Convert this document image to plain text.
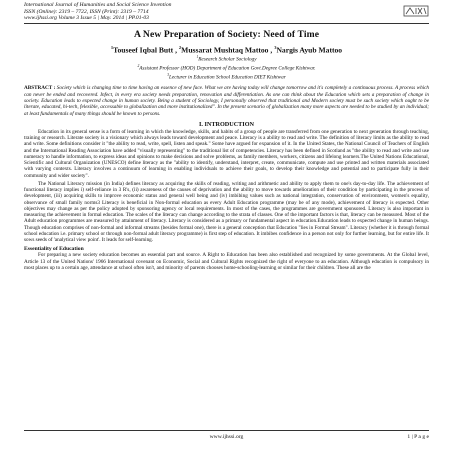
International Journal of Humanities and Social Science Invention
ISSN (Online): 2319 – 7722, ISSN (Print): 2319 – 7714
www.ijhssi.org Volume 3 Issue 5 | May. 2014 | PP.01-03
A New Preparation of Society: Need of Time
$^1$Touseef Iqbal Butt , $^2$Mussarat Mushtaq Mattoo , $^3$Nargis Ayub Mattoo
$^1$Research Scholar Sociology
$^2$Assistant Professor (HOD) Department of Education Govt.Degree College Kishtwar.
$^3$Lecturer in Education School Education DIET Kishtwar
ABSTRACT : Society which is changing time to time having an essence of new face. What we are having today will change tomorrow and it's completely a continuous process. A process which can never be ended and recovered. Infect, in every era society needs preparation, renovation and differentiation. As one can think about the Education which sets a preparation of change in society. Education leads to expected change in human society. Being a student of Sociology, I personally observed that traditional and Modern society must be such society which ought to be literate, educated, hi-tech, felexible, accessable to globalization and more institutionalized". In the present scenario of globalization many more aspects are needed to be studied by an individual; at least fundamentals of many things should be known to persons.
I. INTRODUCTION

Education in its general sense is a form of learning in which the knowledge, skills, and habits of a group of people are transferred from one generation to next generation through teaching, training or research. Literate society is a visionary which always leads toward development and peace. Literacy is a ability to read and write. The definition of literacy limits as the ability to read and write. Some definitions consider it "the ability to read, write, spell, listen and speak." Some have argued for expansion of it. In the United States, the National Council of Teachers of English and the International Reading Association have added "visually representing" to the traditional list of competencies. Literacy has been defined in Scotland as "the ability to read and write and use numeracy to handle information, to express ideas and opinions to make decisions and solve problems, as family members, workers, citizens and lifelong learners.The United Nations Educational, Scientific and Cultural Organization (UNESCO) define literacy as the "ability to identify, understand, interpret, create, communicate, compute and use printed and written materials associated with varying contexts. Literacy involves a continuum of learning in enabling individuals to achieve their goals, to develop their knowledge and potential and to participate fully in their community and wider society".

The National Literacy mission (in India) defines literacy as acquiring the skills of reading, writing and arithmetic and ability to apply them to one's day-to-day life. The achievement of functional literacy implies i) self-reliance in 3 R's, (ii) awareness of the causes of deprivation and the ability to move towards amelioration of their condition by participating in the process of development, (iii) acquiring skills to improve economic status and general well being and (iv) imbibing values such as national integration, conservation of environment, women's equality, observance of small family norms3 Literacy is beneficial in Non-formal education as every Adult Education programme (may be of any mode), achievement of literacy is expected. Other objectives may change as per the policy adopted by sponsoring agency or local requirements. In most of the cases, the programmes are government sponsored. Literacy is also important in measuring the achievement in formal education. The scales of the literacy can change according to the strata of classes. One of the important factors is that, literacy can be measured. Most of the Adult education programmes are measured by attainment of literacy. Literacy is considered as a primary or fundamental aspect in education.Education leads to expected change in human beings. Though education comprises of non-formal and informal streams (besides formal one), there is a general conception that Education "lies in Formal Stream". Literacy (whether it is through formal school education i.e. primary school or through non-formal adult literacy programme) is first step of education. It imbibes confidence in a person not only for further learning, but for entire life. It sows seeds of 'analytical view point'. It leads for self-learning.

Essentiality of Education

For preparing a new society education becomes an essential part and source. A Right to Education has been also established and recognized by some governments. At the Global level, Article 13 of the United Nations' 1966 International covenant on Economic, Social and Cultural Rights recognized the right of everyone to an education. Although education is compulsory in most places up to a certain age, attendance at school often isn't, and minority of parents chooses home-schooling-learning or similar for their children. These all are the

www.ijhssi.org	1 | P a g e
